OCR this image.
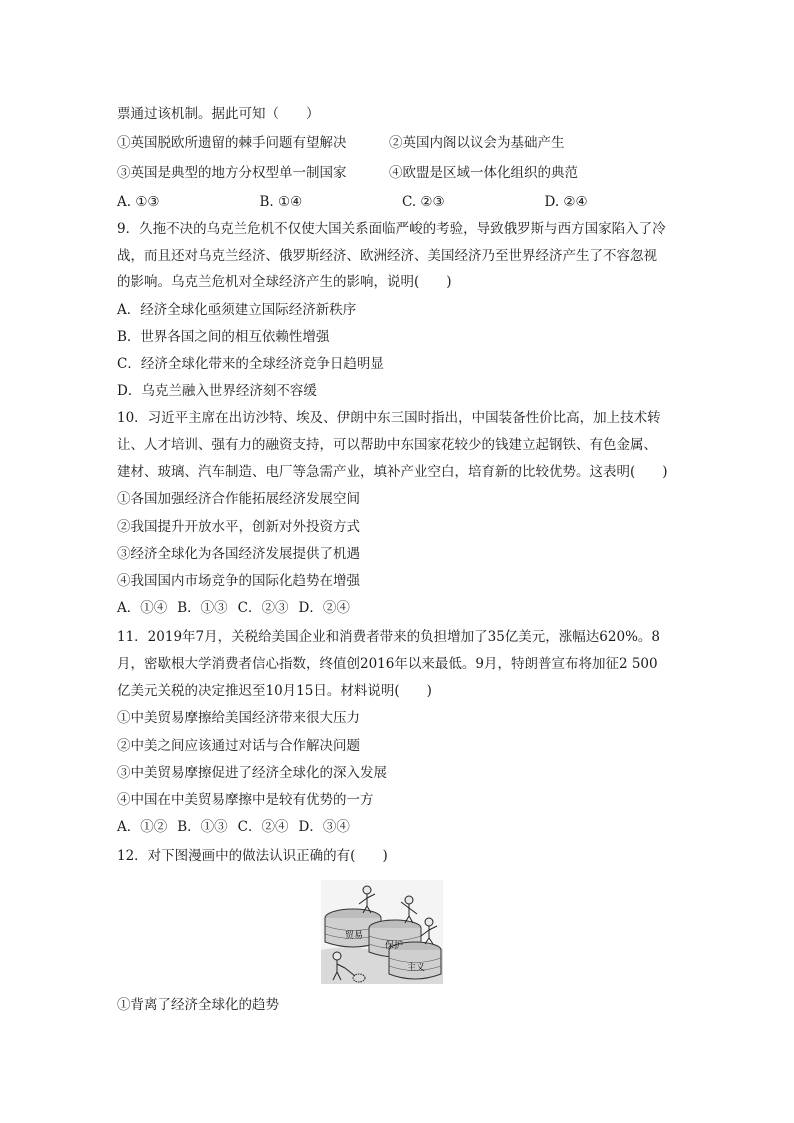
票通过该机制。据此可知（　　）
①英国脱欧所遗留的棘手问题有望解决	②英国内阁以议会为基础产生
③英国是典型的地方分权型单一制国家	④欧盟是区域一体化组织的典范
A. ①③	B. ①④	C. ②③	D. ②④
9．久拖不决的乌克兰危机不仅使大国关系面临严峻的考验，导致俄罗斯与西方国家陷入了冷
战，而且还对乌克兰经济、俄罗斯经济、欧洲经济、美国经济乃至世界经济产生了不容忽视
的影响。乌克兰危机对全球经济产生的影响，说明(　　)
A．经济全球化亟须建立国际经济新秩序
B．世界各国之间的相互依赖性增强
C．经济全球化带来的全球经济竞争日趋明显
D．乌克兰融入世界经济刻不容缓
10．习近平主席在出访沙特、埃及、伊朗中东三国时指出，中国装备性价比高，加上技术转
让、人才培训、强有力的融资支持，可以帮助中东国家花较少的钱建立起钢铁、有色金属、
建材、玻璃、汽车制造、电厂等急需产业，填补产业空白，培育新的比较优势。这表明(　　)
①各国加强经济合作能拓展经济发展空间
②我国提升开放水平，创新对外投资方式
③经济全球化为各国经济发展提供了机遇
④我国国内市场竞争的国际化趋势在增强
A．①④ B．①③ C．②③ D．②④
11．2019年7月，关税给美国企业和消费者带来的负担增加了35亿美元，涨幅达620%。8
月，密歇根大学消费者信心指数，终值创2016年以来最低。9月，特朗普宣布将加征2 500
亿美元关税的决定推迟至10月15日。材料说明(　　)
①中美贸易摩擦给美国经济带来很大压力
②中美之间应该通过对话与合作解决问题
③中美贸易摩擦促进了经济全球化的深入发展
④中国在中美贸易摩擦中是较有优势的一方
A．①② B．①③ C．②④ D．③④
12．对下图漫画中的做法认识正确的有(　　)
贸易
保护
主义
①背离了经济全球化的趋势
